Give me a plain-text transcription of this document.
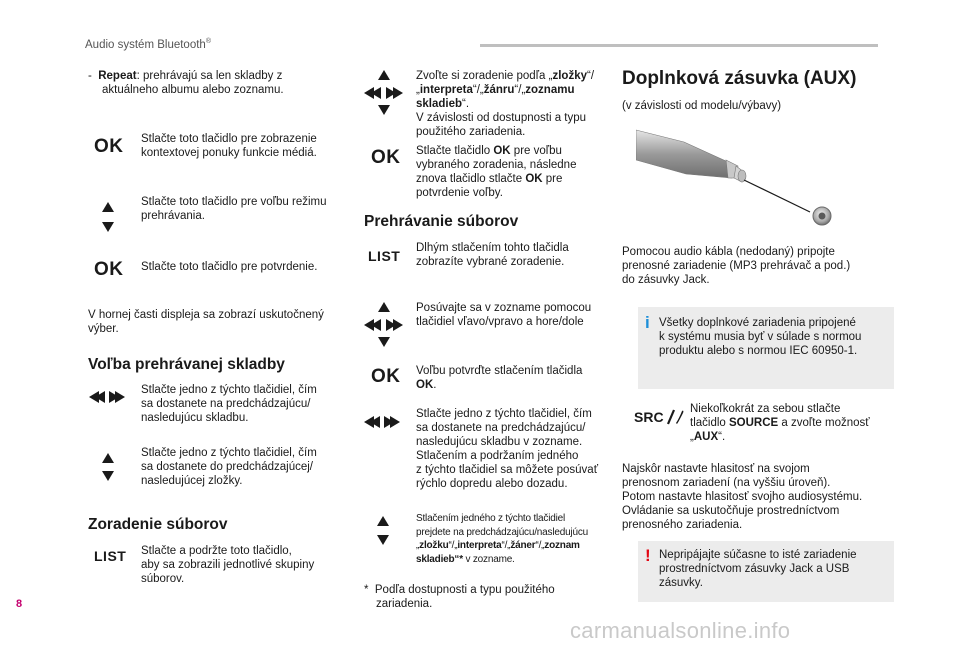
Audio systém Bluetooth®
- Repeat: prehrávajú sa len skladby z
aktuálneho albumu alebo zoznamu.
OK Stlačte toto tlačidlo pre zobrazenie
kontextovej ponuky funkcie médiá.
Stlačte toto tlačidlo pre voľbu režimu
prehrávania.
OK Stlačte toto tlačidlo pre potvrdenie.
V hornej časti displeja sa zobrazí uskutočnený
výber.
Voľba prehrávanej skladby
Stlačte jedno z týchto tlačidiel, čím
sa dostanete na predchádzajúcu/
nasledujúcu skladbu.
Stlačte jedno z týchto tlačidiel, čím
sa dostanete do predchádzajúcej/
nasledujúcej zložky.
Zoradenie súborov
LIST Stlačte a podržte toto tlačidlo,
aby sa zobrazili jednotlivé skupiny
súborov.
Zvoľte si zoradenie podľa „zložky“/
„interpreta“/„žánru“/„zoznamu
skladieb“.
V závislosti od dostupnosti a typu
použitého zariadenia.
OK Stlačte tlačidlo OK pre voľbu
vybraného zoradenia, následne
znova tlačidlo stlačte OK pre
potvrdenie voľby.
Prehrávanie súborov
LIST Dlhým stlačením tohto tlačidla
zobrazíte vybrané zoradenie.
Posúvajte sa v zozname pomocou
tlačidiel vľavo/vpravo a hore/dole
OK Voľbu potvrďte stlačením tlačidla
OK.
Stlačte jedno z týchto tlačidiel, čím
sa dostanete na predchádzajúcu/
nasledujúcu skladbu v zozname.
Stlačením a podržaním jedného
z týchto tlačidiel sa môžete posúvať
rýchlo dopredu alebo dozadu.
Stlačením jedného z týchto tlačidiel
prejdete na predchádzajúcu/nasledujúcu
„zložku“/„interpreta“/„žáner“/„zoznam
skladieb“* v zozname.
* Podľa dostupnosti a typu použitého
zariadenia.
Doplnková zásuvka (AUX)
(v závislosti od modelu/výbavy)
Pomocou audio kábla (nedodaný) pripojte
prenosné zariadenie (MP3 prehrávač a pod.)
do zásuvky Jack.
i Všetky doplnkové zariadenia pripojené
k systému musia byť v súlade s normou
produktu alebo s normou IEC 60950-1.
SRC Niekoľkokrát za sebou stlačte
tlačidlo SOURCE a zvoľte možnosť
„AUX“.
Najskôr nastavte hlasitosť na svojom
prenosnom zariadení (na vyššiu úroveň).
Potom nastavte hlasitosť svojho audiosystému.
Ovládanie sa uskutočňuje prostredníctvom
prenosného zariadenia.
! Nepripájajte súčasne to isté zariadenie
prostredníctvom zásuvky Jack a USB
zásuvky.
8
carmanualsonline.info
